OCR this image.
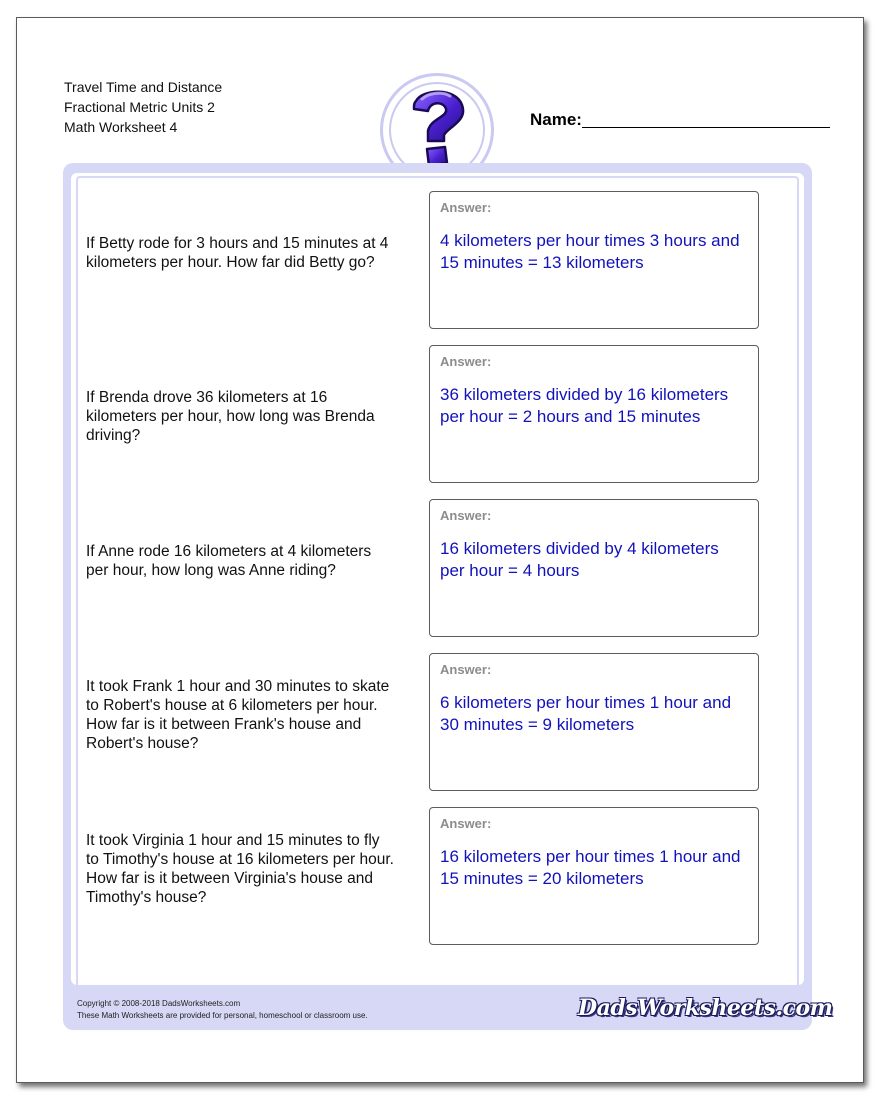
Travel Time and Distance
Fractional Metric Units 2
Math Worksheet 4	Name:
If Betty rode for 3 hours and 15 minutes at 4 kilometers per hour. How far did Betty go?
Answer:
4 kilometers per hour times 3 hours and 15 minutes = 13 kilometers
If Brenda drove 36 kilometers at 16 kilometers per hour, how long was Brenda driving?
Answer:
36 kilometers divided by 16 kilometers per hour = 2 hours and 15 minutes
If Anne rode 16 kilometers at 4 kilometers per hour, how long was Anne riding?
Answer:
16 kilometers divided by 4 kilometers per hour = 4 hours
It took Frank 1 hour and 30 minutes to skate to Robert's house at 6 kilometers per hour. How far is it between Frank's house and Robert's house?
Answer:
6 kilometers per hour times 1 hour and 30 minutes = 9 kilometers
It took Virginia 1 hour and 15 minutes to fly to Timothy's house at 16 kilometers per hour. How far is it between Virginia's house and Timothy's house?
Answer:
16 kilometers per hour times 1 hour and 15 minutes = 20 kilometers
Copyright © 2008-2018 DadsWorksheets.com
These Math Worksheets are provided for personal, homeschool or classroom use.	DadsWorksheets.com
